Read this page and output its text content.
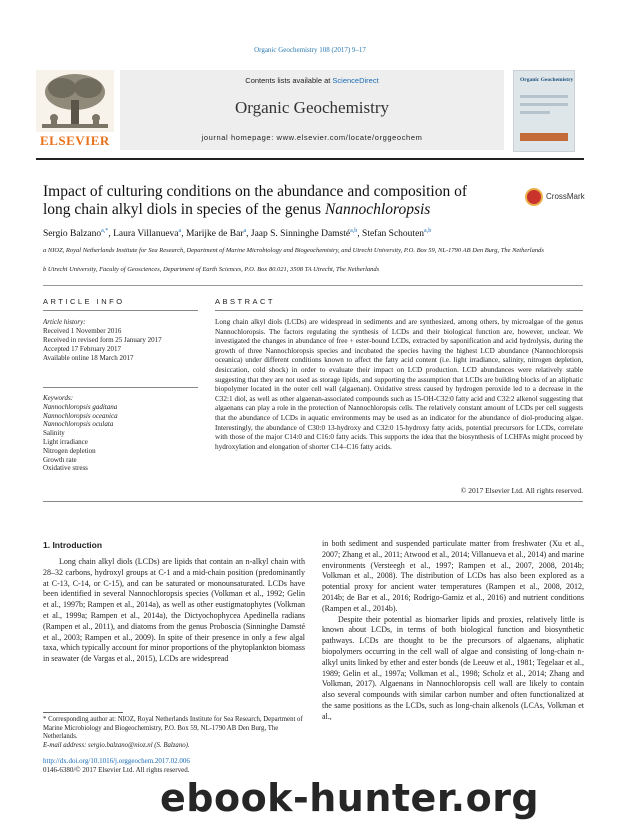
Organic Geochemistry 108 (2017) 9–17
ELSEVIER
Contents lists available at ScienceDirect
Organic Geochemistry
journal homepage: www.elsevier.com/locate/orggeochem
Organic Geochemistry
Impact of culturing conditions on the abundance and composition of
long chain alkyl diols in species of the genus Nannochloropsis
CrossMark
Sergio Balzano$^{a,*}$, Laura Villanueva$^a$, Marijke de Bar$^a$, Jaap S. Sinninghe Damsté$^{a,b}$, Stefan Schouten$^{a,b}$
a NIOZ, Royal Netherlands Institute for Sea Research, Department of Marine Microbiology and Biogeochemistry, and Utrecht University, P.O. Box 59, NL-1790 AB Den Burg, The Netherlands
b Utrecht University, Faculty of Geosciences, Department of Earth Sciences, P.O. Box 80.021, 3508 TA Utrecht, The Netherlands
ARTICLE INFO	ABSTRACT
Article history:
Received 1 November 2016
Received in revised form 25 January 2017
Accepted 17 February 2017
Available online 18 March 2017
Keywords:
Nannochloropsis gaditana
Nannochloropsis oceanica
Nannochloropsis oculata
Salinity
Light irradiance
Nitrogen depletion
Growth rate
Oxidative stress
Long chain alkyl diols (LCDs) are widespread in sediments and are synthesized, among others, by microalgae of the genus Nannochloropsis. The factors regulating the synthesis of LCDs and their biological function are, however, unclear. We investigated the changes in abundance of free + ester-bound LCDs, extracted by saponification and acid hydrolysis, during the growth of three Nannochloropsis species and incubated the species having the highest LCD abundance (Nannochloropsis oceanica) under different conditions known to affect the fatty acid content (i.e. light irradiance, salinity, nitrogen depletion, desiccation, cold shock) in order to evaluate their impact on LCD production. LCD abundances were relatively stable suggesting that they are not used as storage lipids, and supporting the assumption that LCDs are building blocks of an aliphatic biopolymer located in the outer cell wall (algaenan). Oxidative stress caused by hydrogen peroxide led to a decrease in the C32:1 diol, as well as other algaenan-associated compounds such as 15-OH-C32:0 fatty acid and C32:2 alkenol suggesting that algaenans can play a role in the protection of Nannochloropsis cells. The relatively constant amount of LCDs per cell suggests that the abundance of LCDs in aquatic environments may be used as an indicator for the abundance of diol-producing algae. Interestingly, the abundance of C30:0 13-hydroxy and C32:0 15-hydroxy fatty acids, potential precursors for LCDs, correlate with those of the major C14:0 and C16:0 fatty acids. This supports the idea that the biosynthesis of LCHFAs might proceed by hydroxylation and elongation of shorter C14–C16 fatty acids.
© 2017 Elsevier Ltd. All rights reserved.
1. Introduction
Long chain alkyl diols (LCDs) are lipids that contain an n-alkyl chain with 28–32 carbons, hydroxyl groups at C-1 and a mid-chain position (predominantly at C-13, C-14, or C-15), and can be saturated or monounsaturated. LCDs have been identified in several Nannochloropsis species (Volkman et al., 1992; Gelin et al., 1997b; Rampen et al., 2014a), as well as other eustigmatophytes (Volkman et al., 1999a; Rampen et al., 2014a), the Dictyochophycea Apedinella radians (Rampen et al., 2011), and diatoms from the genus Proboscia (Sinninghe Damsté et al., 2003; Rampen et al., 2009). In spite of their presence in only a few algal taxa, which typically account for minor proportions of the phytoplankton biomass in seawater (de Vargas et al., 2015), LCDs are widespread
in both sediment and suspended particulate matter from freshwater (Xu et al., 2007; Zhang et al., 2011; Atwood et al., 2014; Villanueva et al., 2014) and marine environments (Versteegh et al., 1997; Rampen et al., 2007, 2008, 2014b; Volkman et al., 2008). The distribution of LCDs has also been explored as a potential proxy for ancient water temperatures (Rampen et al., 2008, 2012, 2014b; de Bar et al., 2016; Rodrigo-Gamiz et al., 2016) and nutrient conditions (Rampen et al., 2014b).
Despite their potential as biomarker lipids and proxies, relatively little is known about LCDs, in terms of both biological function and biosynthetic pathways. LCDs are thought to be the precursors of algaenans, aliphatic biopolymers occurring in the cell wall of algae and consisting of long-chain n-alkyl units linked by ether and ester bonds (de Leeuw et al., 1981; Tegelaar et al., 1989; Gelin et al., 1997a; Volkman et al., 1998; Scholz et al., 2014; Zhang and Volkman, 2017). Algaenans in Nannochloropsis cell wall are likely to contain also several compounds with similar carbon number and often functionalized at the same positions as the LCDs, such as long-chain alkenols (LCAs, Volkman et al.,
* Corresponding author at: NIOZ, Royal Netherlands Institute for Sea Research, Department of Marine Microbiology and Biogeochemistry, P.O. Box 59, NL-1790 AB Den Burg, The Netherlands.
E-mail address: sergio.balzano@nioz.nl (S. Balzano).
http://dx.doi.org/10.1016/j.orggeochem.2017.02.006
0146-6380/© 2017 Elsevier Ltd. All rights reserved.
ebook-hunter.org
